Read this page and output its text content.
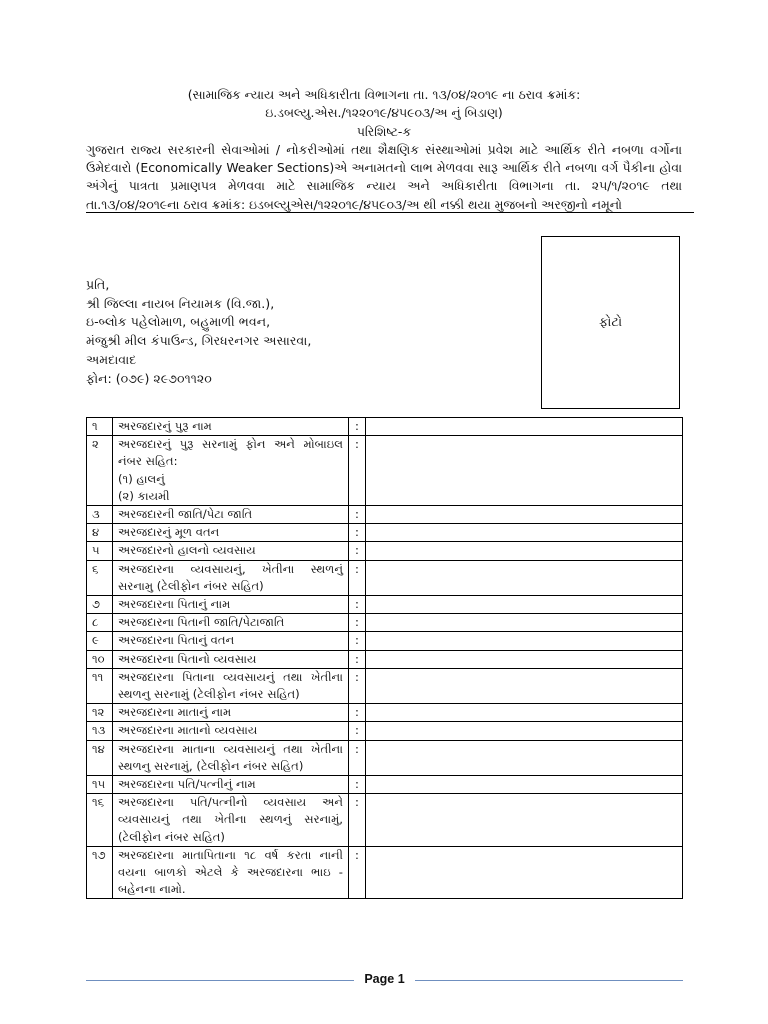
(સામાજિક ન્યાય અને અધિકારીતા વિભાગના તા. ૧૩/૦૪/૨૦૧૯ ના ઠરાવ ક્રમાંક:
ઇ.ડબલ્યુ.એસ./૧૨૨૦૧૯/૪૫૯૦૩/અ નું બિડાણ)
પરિશિષ્ટ-ક
ગુજરાત રાજ્ય સરકારની સેવાઓમાં / નોકરીઓમાં તથા શૈક્ષણિક સંસ્થાઓમાં પ્રવેશ માટે આર્થિક રીતે નબળા વર્ગોના
ઉમેદવારો (Economically Weaker Sections)એ અનામતનો લાભ મેળવવા સારૂ આર્થિક રીતે નબળા વર્ગ પૈકીના હોવા
અંગેનું પાત્રતા પ્રમાણપત્ર મેળવવા માટે સામાજિક ન્યાય અને અધિકારીતા વિભાગના તા. ૨૫/૧/૨૦૧૯ તથા
તા.૧૩/૦૪/૨૦૧૯ના ઠરાવ ક્રમાંક: ઇડબલ્યુએસ/૧૨૨૦૧૯/૪૫૯૦૩/અ થી નક્કી થયા મુજબનો અરજીનો નમૂનો
ફોટો
પ્રતિ,
શ્રી જિલ્લા નાયબ નિયામક (વિ.જા.),
ઇ-બ્લોક પહેલોમાળ, બહુમાળી ભવન,
મંજુશ્રી મીલ કંપાઉન્ડ, ગિરધરનગર અસારવા,
અમદાવાદ
ફોન: (૦૭૯) ૨૯૭૦૧૧૨૦
૧	અરજદારનું પુરૂ નામ	:	
૨	અરજદારનું પુરૂ સરનામું ફોન અને મોબાઇલ નંબર સહિત:
(૧) હાલનું
(૨) કાયમી	:	
૩	અરજદારની જાતિ/પેટા જાતિ	:	
૪	અરજદારનું મૂળ વતન	:	
૫	અરજદારનો હાલનો વ્યવસાય	:	
૬	અરજદારના વ્યવસાયનું, ખેતીના સ્થળનું સરનામુ (ટેલીફોન નંબર સહિત)	:	
૭	અરજદારના પિતાનું નામ	:	
૮	અરજદારના પિતાની જાતિ/પેટાજાતિ	:	
૯	અરજદારના પિતાનું વતન	:	
૧૦	અરજદારના પિતાનો વ્યવસાય	:	
૧૧	અરજદારના પિતાના વ્યવસાયનું તથા ખેતીના સ્થળનુ સરનામું (ટેલીફોન નંબર સહિત)	:	
૧૨	અરજદારના માતાનું નામ	:	
૧૩	અરજદારના માતાનો વ્યવસાય	:	
૧૪	અરજદારના માતાના વ્યવસાયનું તથા ખેતીના સ્થળનુ સરનામું, (ટેલીફોન નંબર સહિત)	:	
૧૫	અરજદારના પતિ/પત્નીનું નામ	:	
૧૬	અરજદારના પતિ/પત્નીનો વ્યવસાય અને વ્યવસાયનું તથા ખેતીના સ્થળનું સરનામું, (ટેલીફોન નંબર સહિત)	:	
૧૭	અરજદારના માતાપિતાના ૧૮ વર્ષ કરતા નાની વયના બાળકો એટલે કે અરજદારના ભાઇ - બહેનના નામો.	:	
Page 1
